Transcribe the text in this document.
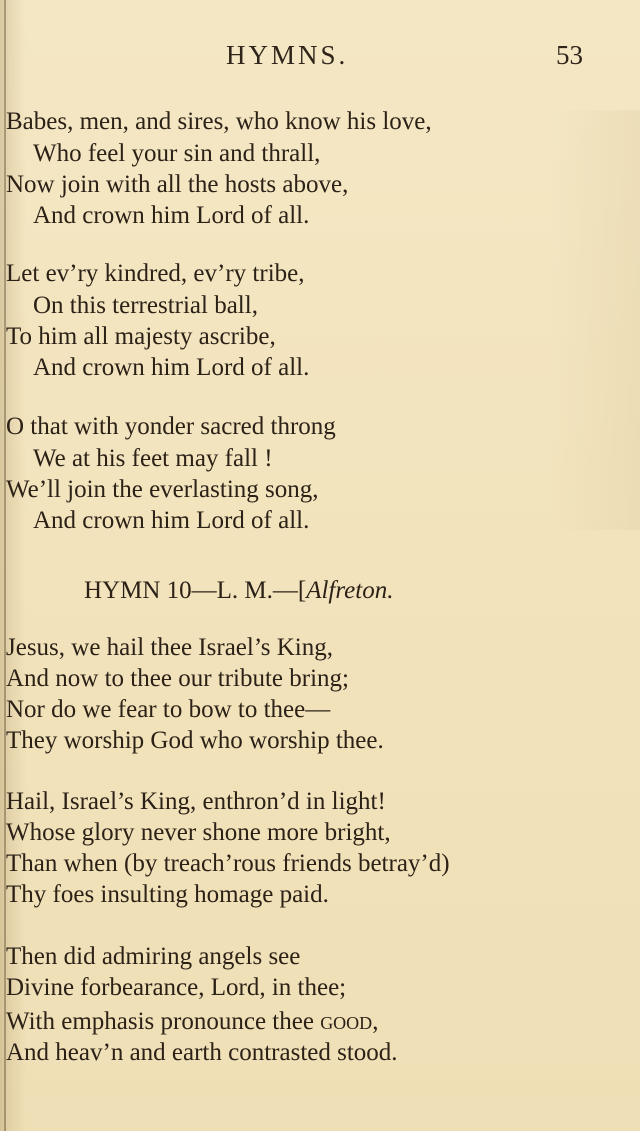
HYMNS.	53
Babes, men, and sires, who know his love,
Who feel your sin and thrall,
Now join with all the hosts above,
And crown him Lord of all.
Let ev’ry kindred, ev’ry tribe,
On this terrestrial ball,
To him all majesty ascribe,
And crown him Lord of all.
O that with yonder sacred throng
We at his feet may fall !
We’ll join the everlasting song,
And crown him Lord of all.
HYMN 10—L. M.—[Alfreton.
Jesus, we hail thee Israel’s King,
And now to thee our tribute bring;
Nor do we fear to bow to thee—
They worship God who worship thee.
Hail, Israel’s King, enthron’d in light!
Whose glory never shone more bright,
Than when (by treach’rous friends betray’d)
Thy foes insulting homage paid.
Then did admiring angels see
Divine forbearance, Lord, in thee;
With emphasis pronounce thee good,
And heav’n and earth contrasted stood.
